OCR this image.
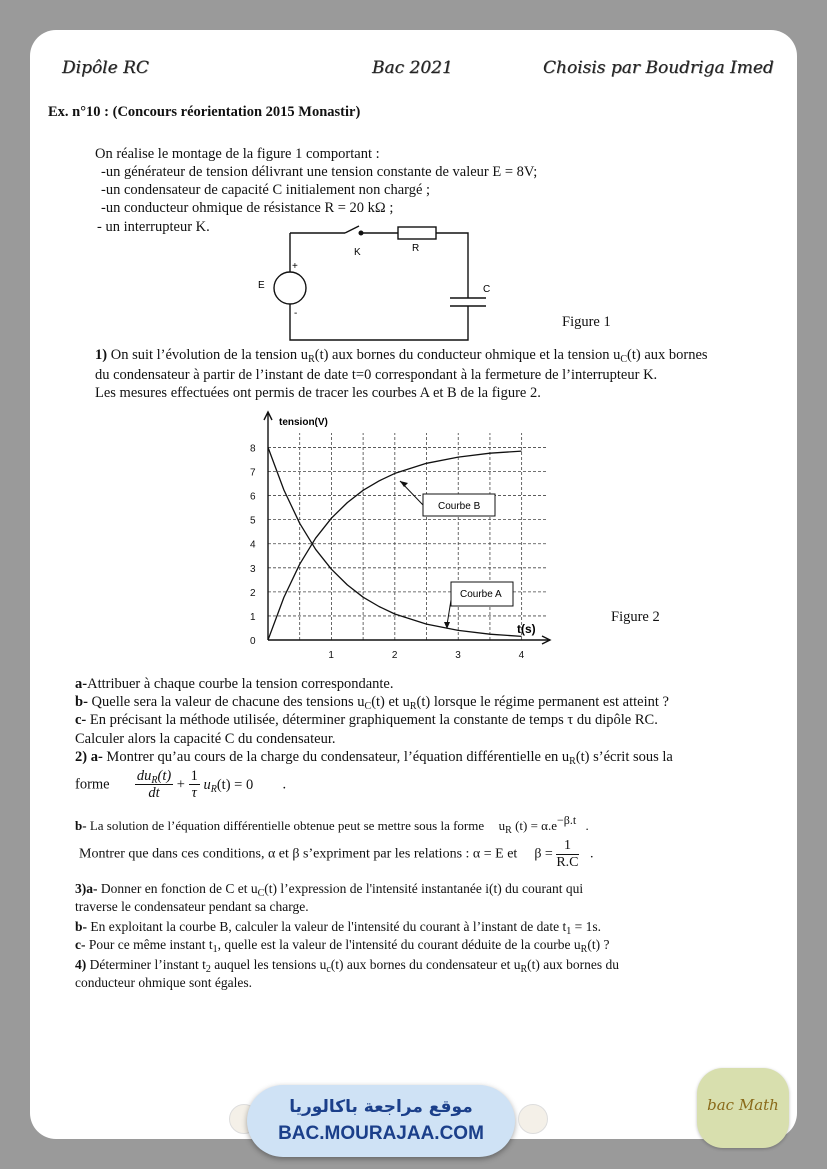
Dipôle RC	Bac 2021	Choisis par Boudriga Imed
Ex. n°10 : (Concours réorientation 2015 Monastir)
On réalise le montage de la figure 1 comportant :
-un générateur de tension délivrant une tension constante de valeur E = 8V;
-un condensateur de capacité C initialement non chargé ;
-un conducteur ohmique de résistance R = 20 kΩ ;
- un interrupteur K.
K	R
E
+
-
C
Figure 1
1) On suit l’évolution de la tension $u_R(t)$ aux bornes du conducteur ohmique et la tension $u_C(t)$ aux bornes
du condensateur à partir de l’instant de date t=0 correspondant à la fermeture de l’interrupteur K.
Les mesures effectuées ont permis de tracer les courbes A et B de la figure 2.
0
1
2
3
4
5
6
7
8
1	2	3	4
tension(V)
t(s)
Courbe B
Courbe A
Figure 2
a-Attribuer à chaque courbe la tension correspondante.
b- Quelle sera la valeur de chacune des tensions $u_C(t)$ et $u_R(t)$ lorsque le régime permanent est atteint ?
c- En précisant la méthode utilisée, déterminer graphiquement la constante de temps τ du dipôle RC.
Calculer alors la capacité C du condensateur.
2) a- Montrer qu’au cours de la charge du condensateur, l’équation différentielle en $u_R(t)$ s’écrit sous la
forme $\frac{du_R(t)}{dt} + \frac{1}{\tau} u_R(t) = 0$ .
b- La solution de l’équation différentielle obtenue peut se mettre sous la forme $u_R$ $(t) = \alpha.e^{-\beta.t}$ .
Montrer que dans ces conditions, α et β s’expriment par les relations : α = E et $\beta = \frac{1}{R.C}$ .
3)a- Donner en fonction de C et $u_C(t)$ l’expression de l'intensité instantanée i(t) du courant qui
traverse le condensateur pendant sa charge.
b- En exploitant la courbe B, calculer la valeur de l'intensité du courant à l’instant de date $t_1 = 1s$.
c- Pour ce même instant $t_1$, quelle est la valeur de l'intensité du courant déduite de la courbe $u_R(t)$ ?
4) Déterminer l’instant $t_2$ auquel les tensions $u_c(t)$ aux bornes du condensateur et $u_R(t)$ aux bornes du
conducteur ohmique sont égales.
موقع مراجعة باكالوريا
BAC.MOURAJAA.COM
bac Math
